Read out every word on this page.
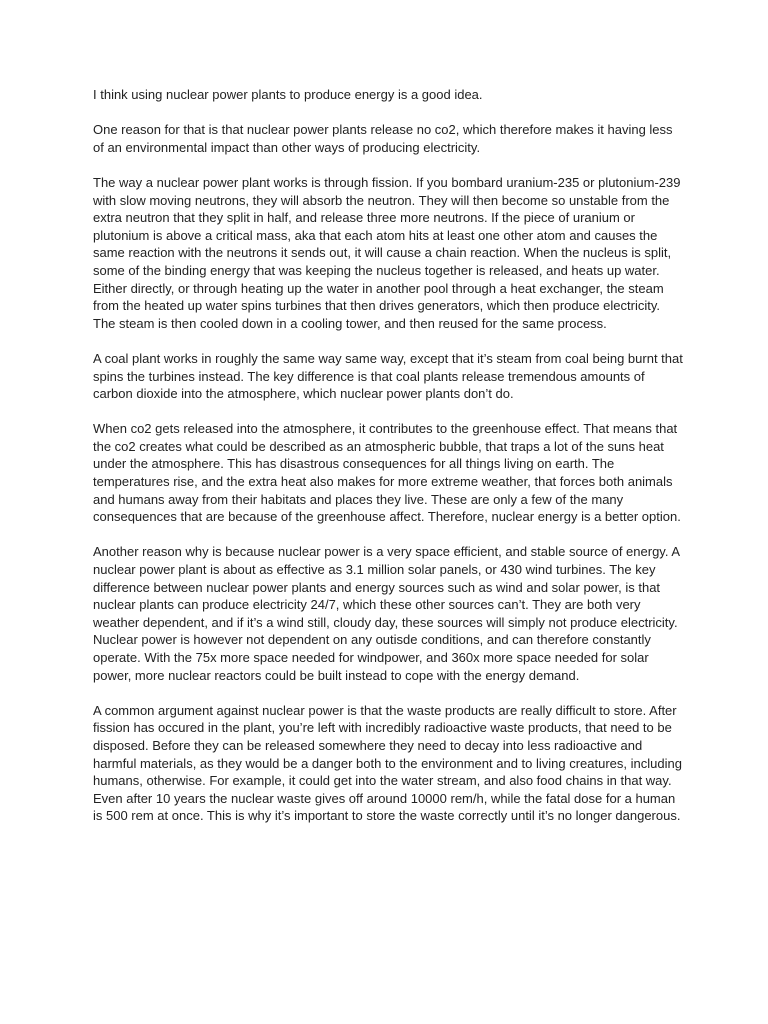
I think using nuclear power plants to produce energy is a good idea.

One reason for that is that nuclear power plants release no co2, which therefore makes it having less of an environmental impact than other ways of producing electricity.

The way a nuclear power plant works is through fission. If you bombard uranium-235 or plutonium-239 with slow moving neutrons, they will absorb the neutron. They will then become so unstable from the extra neutron that they split in half, and release three more neutrons. If the piece of uranium or plutonium is above a critical mass, aka that each atom hits at least one other atom and causes the same reaction with the neutrons it sends out, it will cause a chain reaction. When the nucleus is split, some of the binding energy that was keeping the nucleus together is released, and heats up water. Either directly, or through heating up the water in another pool through a heat exchanger, the steam from the heated up water spins turbines that then drives generators, which then produce electricity. The steam is then cooled down in a cooling tower, and then reused for the same process.

A coal plant works in roughly the same way same way, except that it’s steam from coal being burnt that spins the turbines instead. The key difference is that coal plants release tremendous amounts of carbon dioxide into the atmosphere, which nuclear power plants don’t do.

When co2 gets released into the atmosphere, it contributes to the greenhouse effect. That means that the co2 creates what could be described as an atmospheric bubble, that traps a lot of the suns heat under the atmosphere. This has disastrous consequences for all things living on earth. The temperatures rise, and the extra heat also makes for more extreme weather, that forces both animals and humans away from their habitats and places they live. These are only a few of the many consequences that are because of the greenhouse affect. Therefore, nuclear energy is a better option.

Another reason why is because nuclear power is a very space efficient, and stable source of energy. A nuclear power plant is about as effective as 3.1 million solar panels, or 430 wind turbines. The key difference between nuclear power plants and energy sources such as wind and solar power, is that nuclear plants can produce electricity 24/7, which these other sources can’t. They are both very weather dependent, and if it’s a wind still, cloudy day, these sources will simply not produce electricity. Nuclear power is however not dependent on any outisde conditions, and can therefore constantly operate. With the 75x more space needed for windpower, and 360x more space needed for solar power, more nuclear reactors could be built instead to cope with the energy demand.

A common argument against nuclear power is that the waste products are really difficult to store. After fission has occured in the plant, you’re left with incredibly radioactive waste products, that need to be disposed. Before they can be released somewhere they need to decay into less radioactive and harmful materials, as they would be a danger both to the environment and to living creatures, including humans, otherwise. For example, it could get into the water stream, and also food chains in that way. Even after 10 years the nuclear waste gives off around 10000 rem/h, while the fatal dose for a human is 500 rem at once. This is why it’s important to store the waste correctly until it’s no longer dangerous.
